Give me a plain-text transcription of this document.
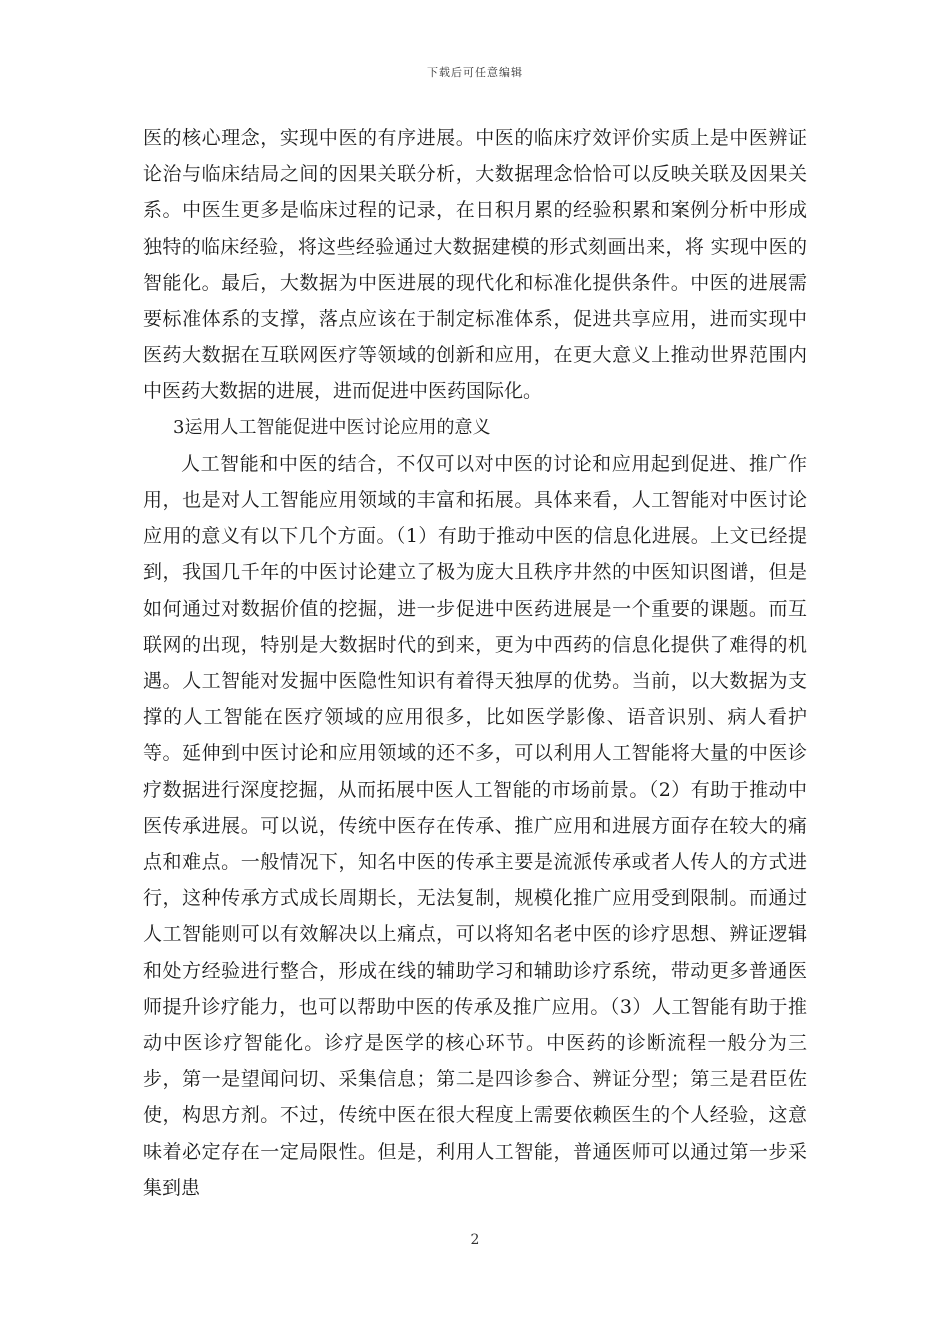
下载后可任意编辑

医的核心理念，实现中医的有序进展。中医的临床疗效评价实质上是中医辨证论治与临床结局之间的因果关联分析，大数据理念恰恰可以反映关联及因果关系。中医生更多是临床过程的记录，在日积月累的经验积累和案例分析中形成独特的临床经验，将这些经验通过大数据建模的形式刻画出来，将 实现中医的智能化。最后，大数据为中医进展的现代化和标准化提供条件。中医的进展需要标准体系的支撑，落点应该在于制定标准体系，促进共享应用，进而实现中医药大数据在互联网医疗等领域的创新和应用，在更大意义上推动世界范围内中医药大数据的进展，进而促进中医药国际化。

3运用人工智能促进中医讨论应用的意义

人工智能和中医的结合，不仅可以对中医的讨论和应用起到促进、推广作用，也是对人工智能应用领域的丰富和拓展。具体来看，人工智能对中医讨论应用的意义有以下几个方面。（1）有助于推动中医的信息化进展。上文已经提到，我国几千年的中医讨论建立了极为庞大且秩序井然的中医知识图谱，但是如何通过对数据价值的挖掘，进一步促进中医药进展是一个重要的课题。而互联网的出现，特别是大数据时代的到来，更为中西药的信息化提供了难得的机遇。人工智能对发掘中医隐性知识有着得天独厚的优势。当前，以大数据为支撑的人工智能在医疗领域的应用很多，比如医学影像、语音识别、病人看护等。延伸到中医讨论和应用领域的还不多，可以利用人工智能将大量的中医诊疗数据进行深度挖掘，从而拓展中医人工智能的市场前景。（2）有助于推动中医传承进展。可以说，传统中医存在传承、推广应用和进展方面存在较大的痛点和难点。一般情况下，知名中医的传承主要是流派传承或者人传人的方式进行，这种传承方式成长周期长，无法复制，规模化推广应用受到限制。而通过人工智能则可以有效解决以上痛点，可以将知名老中医的诊疗思想、辨证逻辑和处方经验进行整合，形成在线的辅助学习和辅助诊疗系统，带动更多普通医师提升诊疗能力，也可以帮助中医的传承及推广应用。（3）人工智能有助于推动中医诊疗智能化。诊疗是医学的核心环节。中医药的诊断流程一般分为三步，第一是望闻问切、采集信息；第二是四诊参合、辨证分型；第三是君臣佐使，构思方剂。不过，传统中医在很大程度上需要依赖医生的个人经验，这意味着必定存在一定局限性。但是，利用人工智能，普通医师可以通过第一步采集到患

2
